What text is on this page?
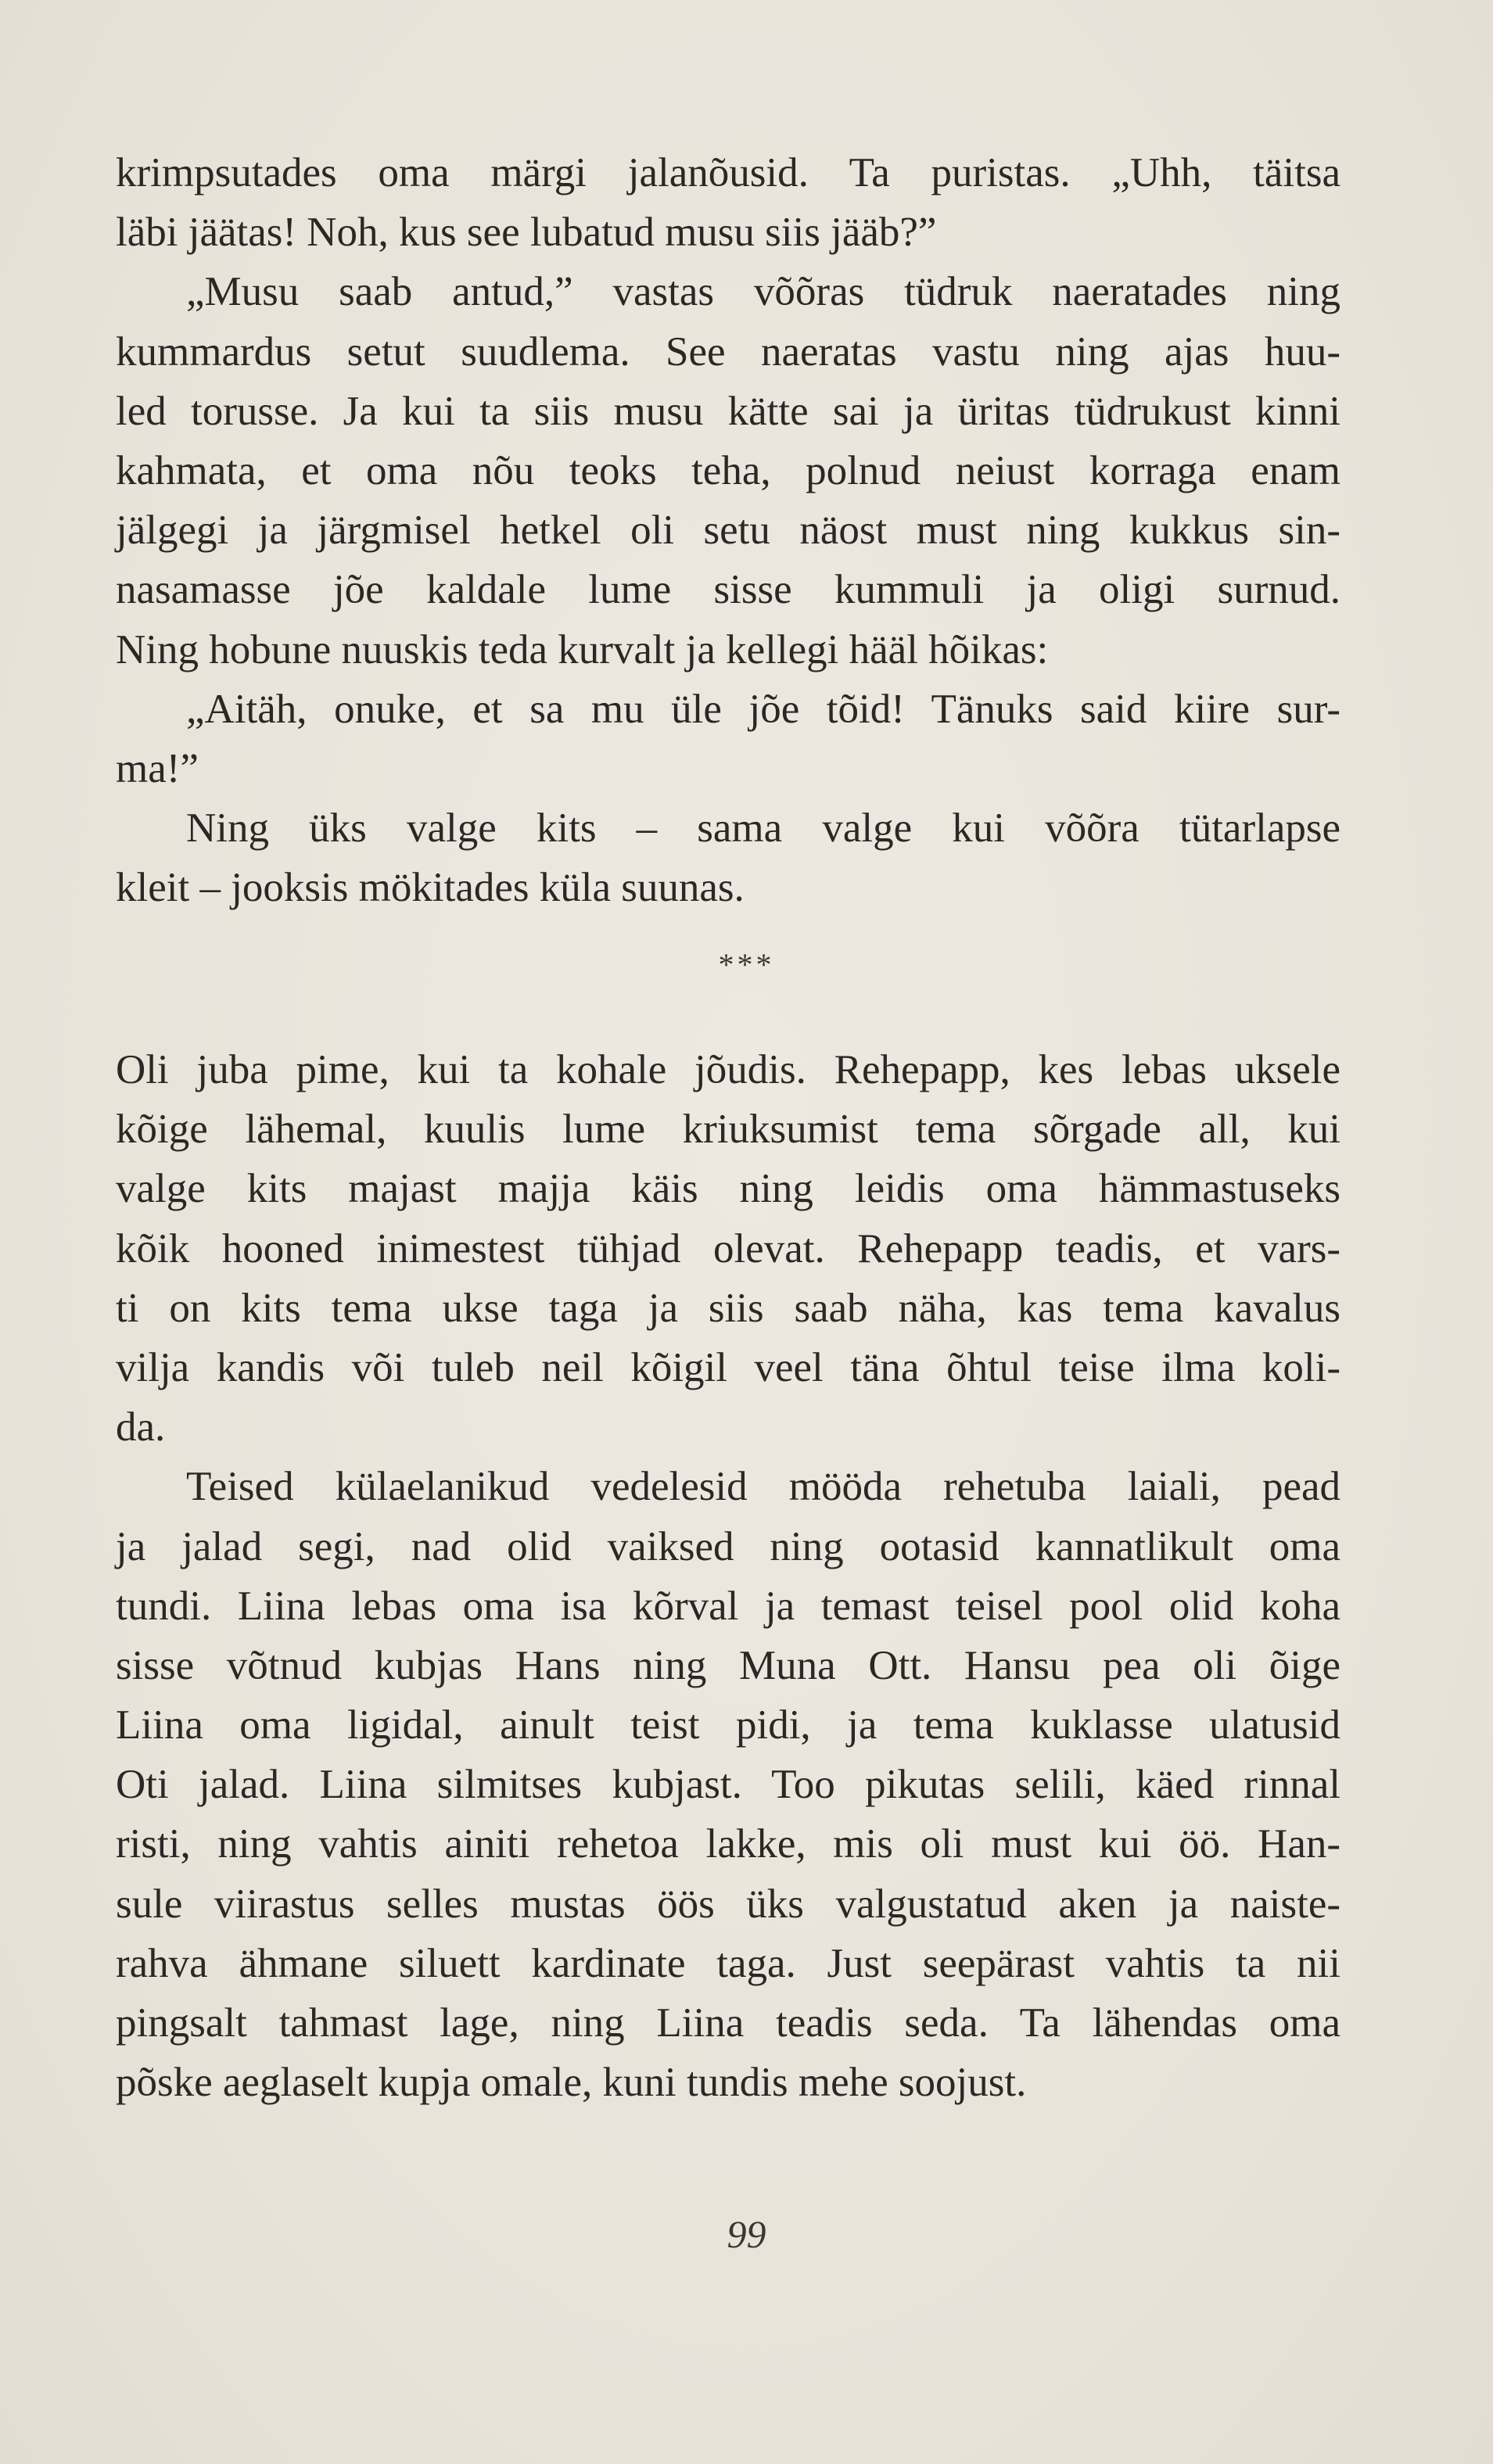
krimpsutades oma märgi jalanõusid. Ta puristas. „Uhh, täitsa
läbi jäätas! Noh, kus see lubatud musu siis jääb?”
„Musu saab antud,” vastas võõras tüdruk naeratades ning
kummardus setut suudlema. See naeratas vastu ning ajas huu-
led torusse. Ja kui ta siis musu kätte sai ja üritas tüdrukust kinni
kahmata, et oma nõu teoks teha, polnud neiust korraga enam
jälgegi ja järgmisel hetkel oli setu näost must ning kukkus sin-
nasamasse jõe kaldale lume sisse kummuli ja oligi surnud.
Ning hobune nuuskis teda kurvalt ja kellegi hääl hõikas:
„Aitäh, onuke, et sa mu üle jõe tõid! Tänuks said kiire sur-
ma!”
Ning üks valge kits – sama valge kui võõra tütarlapse
kleit – jooksis mökitades küla suunas.
***
Oli juba pime, kui ta kohale jõudis. Rehepapp, kes lebas uksele
kõige lähemal, kuulis lume kriuksumist tema sõrgade all, kui
valge kits majast majja käis ning leidis oma hämmastuseks
kõik hooned inimestest tühjad olevat. Rehepapp teadis, et vars-
ti on kits tema ukse taga ja siis saab näha, kas tema kavalus
vilja kandis või tuleb neil kõigil veel täna õhtul teise ilma koli-
da.
Teised külaelanikud vedelesid mööda rehetuba laiali, pead
ja jalad segi, nad olid vaiksed ning ootasid kannatlikult oma
tundi. Liina lebas oma isa kõrval ja temast teisel pool olid koha
sisse võtnud kubjas Hans ning Muna Ott. Hansu pea oli õige
Liina oma ligidal, ainult teist pidi, ja tema kuklasse ulatusid
Oti jalad. Liina silmitses kubjast. Too pikutas selili, käed rinnal
risti, ning vahtis ainiti rehetoa lakke, mis oli must kui öö. Han-
sule viirastus selles mustas öös üks valgustatud aken ja naiste-
rahva ähmane siluett kardinate taga. Just seepärast vahtis ta nii
pingsalt tahmast lage, ning Liina teadis seda. Ta lähendas oma
põske aeglaselt kupja omale, kuni tundis mehe soojust.
99
